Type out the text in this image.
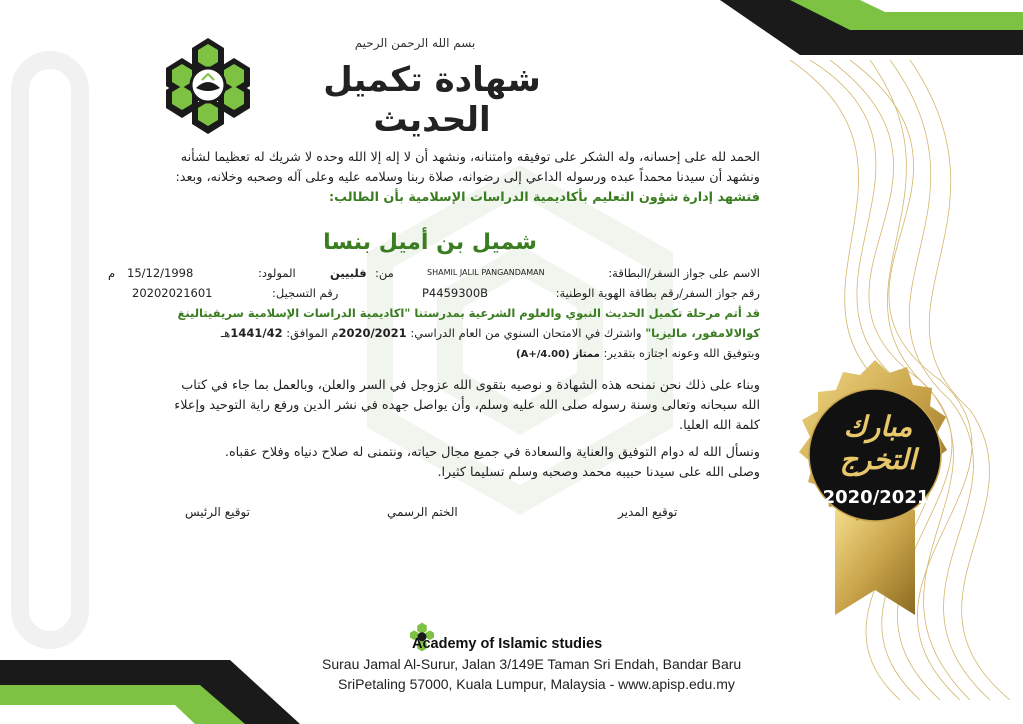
مبارك التخرج
2020/2021
بسم الله الرحمن الرحيم
شهادة تكميل الحديث
الحمد لله على إحسانه، وله الشكر على توفيقه وامتنانه، ونشهد أن لا إله إلا الله وحده لا شريك له تعظيما لشأنه
ونشهد أن سيدنا محمداً عبده ورسوله الداعي إلى رضوانه، صلاة ربنا وسلامه عليه وعلى آله وصحبه وخلانه، وبعد:
فتشهد إدارة شؤون التعليم بأكاديمية الدراسات الإسلامية بأن الطالب:
شميل بن أميل بنسا
الاسم على جواز السفر/البطاقة:
SHAMIL JALIL PANGANDAMAN
من:
فلبيين
المولود:
15/12/1998
م
رقم جواز السفر/رقم بطاقة الهوية الوطنية:
P4459300B
رقم التسجيل:
20202021601
قد أتم مرحلة تكميل الحديث النبوي والعلوم الشرعية بمدرستنا "اكاديمية الدراسات الإسلامية سريفيتالينغ
كوالالامفور، ماليزيا" واشترك في الامتحان السنوي من العام الدراسي: 2020/2021م الموافق: 1441/42هـ
وبتوفيق الله وعونه اجتازه بتقدير: ممتاز (A+/4.00)
وبناء على ذلك نحن نمنحه هذه الشهادة و نوصيه بتقوى الله عزوجل في السر والعلن، وبالعمل بما جاء في كتاب
الله سبحانه وتعالى وسنة رسوله صلى الله عليه وسلم، وأن يواصل جهده في نشر الدين ورفع راية التوحيد وإعلاء
كلمة الله العليا.
ونسأل الله له دوام التوفيق والعناية والسعادة في جميع مجال حياته، ونتمنى له صلاح دنياه وفلاح عقباه.
وصلى الله على سيدنا حبيبه محمد وصحبه وسلم تسليما كثيرا.
توقيع المدير
الختم الرسمي
توقيع الرئيس
Academy of Islamic studies
Surau Jamal Al-Surur, Jalan 3/149E Taman Sri Endah, Bandar Baru
SriPetaling 57000, Kuala Lumpur, Malaysia - www.apisp.edu.my
